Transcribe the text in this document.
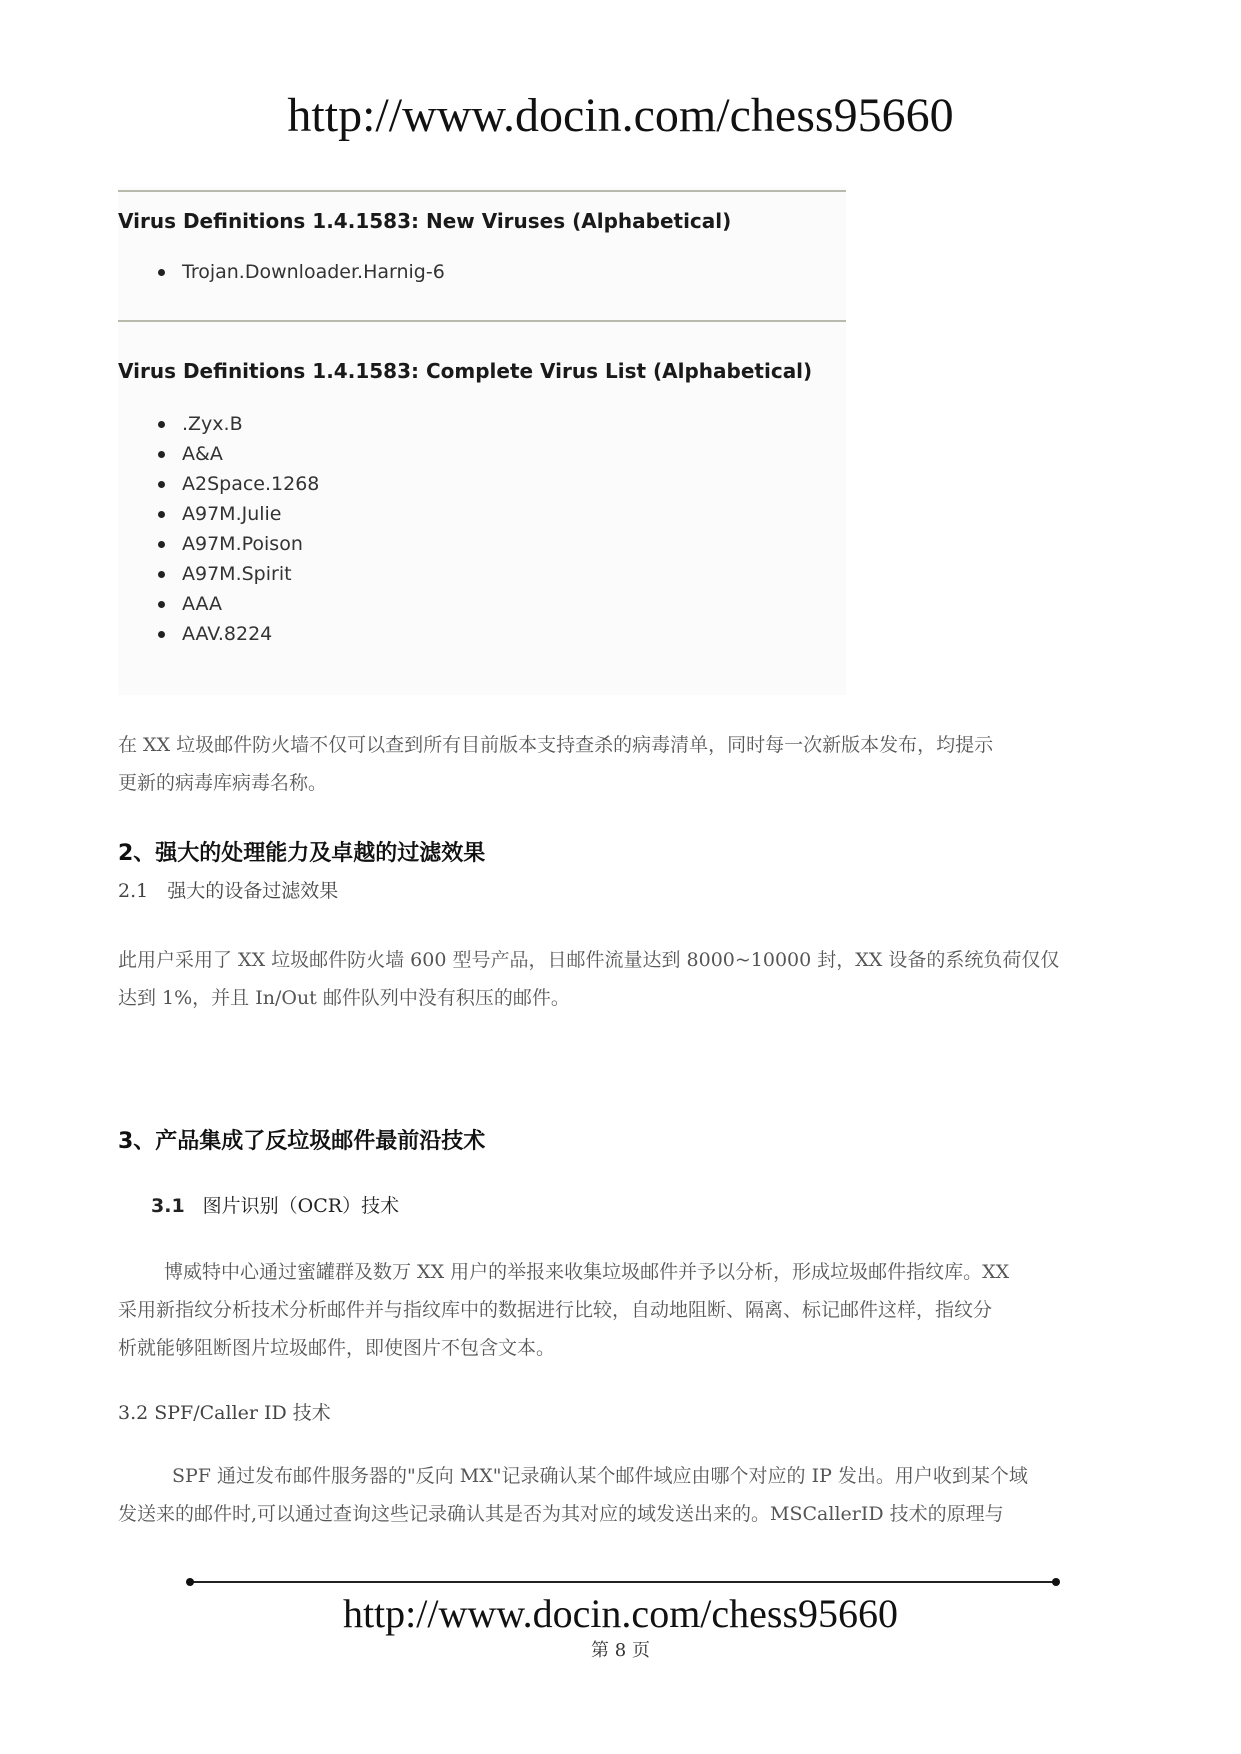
http://www.docin.com/chess95660
Virus Definitions 1.4.1583: New Viruses (Alphabetical)
Trojan.Downloader.Harnig-6
Virus Definitions 1.4.1583: Complete Virus List (Alphabetical)
.Zyx.B
A&A
A2Space.1268
A97M.Julie
A97M.Poison
A97M.Spirit
AAA
AAV.8224
在 XX 垃圾邮件防火墙不仅可以查到所有目前版本支持查杀的病毒清单，同时每一次新版本发布，均提示
更新的病毒库病毒名称。
2、强大的处理能力及卓越的过滤效果
2.1　强大的设备过滤效果
此用户采用了 XX 垃圾邮件防火墙 600 型号产品，日邮件流量达到 8000~10000 封，XX 设备的系统负荷仅仅
达到 1%，并且 In/Out 邮件队列中没有积压的邮件。
3、产品集成了反垃圾邮件最前沿技术
3.1 图片识别（OCR）技术
博威特中心通过蜜罐群及数万 XX 用户的举报来收集垃圾邮件并予以分析，形成垃圾邮件指纹库。XX
采用新指纹分析技术分析邮件并与指纹库中的数据进行比较，自动地阻断、隔离、标记邮件这样，指纹分
析就能够阻断图片垃圾邮件，即使图片不包含文本。
3.2 SPF/Caller ID 技术
SPF 通过发布邮件服务器的"反向 MX"记录确认某个邮件域应由哪个对应的 IP 发出。用户收到某个域
发送来的邮件时,可以通过查询这些记录确认其是否为其对应的域发送出来的。MSCallerID 技术的原理与
http://www.docin.com/chess95660
第 8 页
